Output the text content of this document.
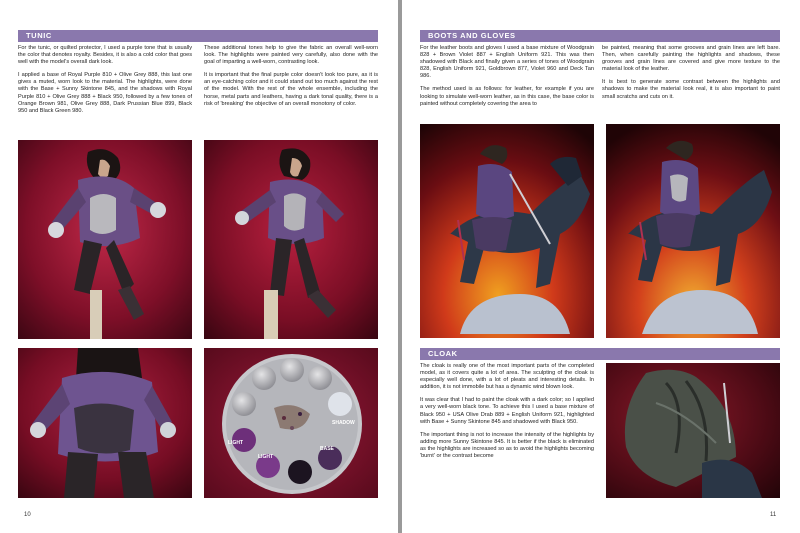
TUNIC

For the tunic, or quilted protector, I used a purple tone that is usually the color that denotes royalty. Besides, it is also a cold color that goes well with the model's overall dark look.

I applied a base of Royal Purple 810 + Olive Grey 888, this last one gives a muted, worn look to the material. The highlights, were done with the Base + Sunny Skintone 845, and the shadows with Royal Purple 810 + Olive Grey 888 + Black 950, followed by a few tones of Orange Brown 981, Olive Grey 888, Dark Prussian Blue 899, Black 950 and Black Green 980.

These additional tones help to give the fabric an overall well-worn look. The highlights were painted very carefully, also done with the goal of imparting a well-worn, contrasting look.

It is important that the final purple color doesn't look too pure, as it is an eye-catching color and it could stand out too much against the rest of the model. With the rest of the whole ensemble, including the horse, metal parts and leathers, having a dark tonal quality, there is a risk of 'breaking' the objective of an overall monotony of color.

SHADOW
LIGHT
LIGHT
BASE
10
BOOTS AND GLOVES

For the leather boots and gloves I used a base mixture of Woodgrain 828 + Brown Violet 887 + English Uniform 921. This was then shadowed with Black and finally given a series of tones of Woodgrain 828, English Uniform 921, Goldbrown 877, Violet 960 and Deck Tan 986.

The method used is as follows: for leather, for example if you are looking to simulate well-worn leather, as in this case, the base color is painted without completely covering the area to

be painted, meaning that some grooves and grain lines are left bare. Then, when carefully painting the highlights and shadows, these grooves and grain lines are covered and give more texture to the material look of the leather.

It is best to generate some contrast between the highlights and shadows to make the material look real, it is also important to paint small scratchs and cuts on it.

CLOAK

The cloak is really one of the most important parts of the completed model, as it covers quite a lot of area. The sculpting of the cloak is especially well done, with a lot of pleats and interesting details. In addition, it is not immobile but has a dynamic wind blown look.

It was clear that I had to paint the cloak with a dark color; so I applied a very well-worn black tone. To achieve this I used a base mixture of Black 950 + USA Olive Drab 889 + English Uniform 921, highlighted with Base + Sunny Skintone 845 and shadowed with Black 950.

The important thing is not to increase the intensity of the highlights by adding more Sunny Skintone 845. It is better if the black is eliminated as the highlights are increased so as to avoid the highlights becoming 'burnt' or the contrast become

11
